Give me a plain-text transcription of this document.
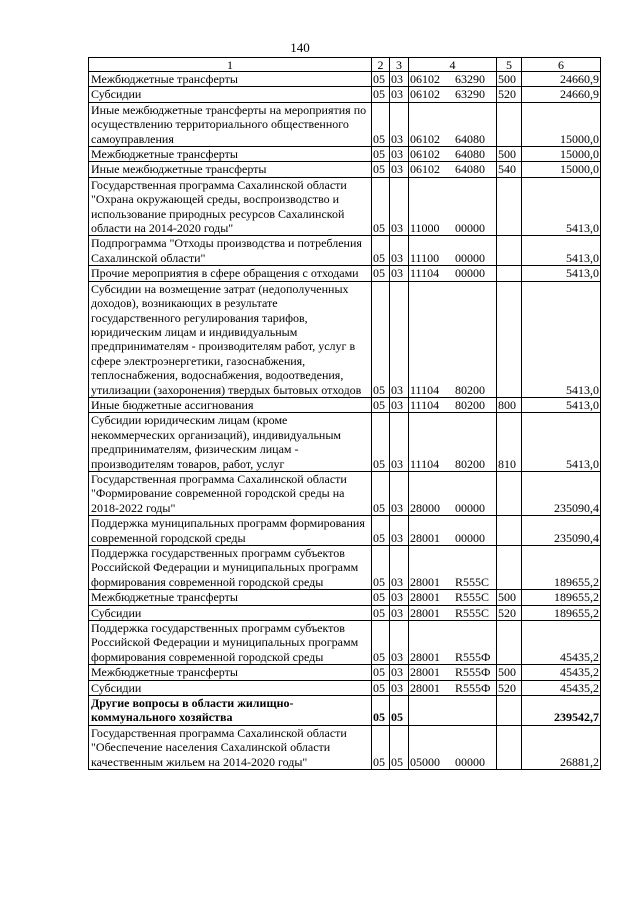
140
1	2	3	4	5	6
Межбюджетные трансферты	05	03	06102 63290	500	24660,9
Субсидии	05	03	06102 63290	520	24660,9
Иные межбюджетные трансферты на мероприятия по осуществлению территориального общественного самоуправления	05	03	06102 64080		15000,0
Межбюджетные трансферты	05	03	06102 64080	500	15000,0
Иные межбюджетные трансферты	05	03	06102 64080	540	15000,0
Государственная программа Сахалинской области "Охрана окружающей среды, воспроизводство и использование природных ресурсов Сахалинской области на 2014-2020 годы"	05	03	11000 00000		5413,0
Подпрограмма "Отходы производства и потребления Сахалинской области"	05	03	11100 00000		5413,0
Прочие мероприятия в сфере обращения с отходами	05	03	11104 00000		5413,0
Субсидии на возмещение затрат (недополученных доходов), возникающих в результате государственного регулирования тарифов, юридическим лицам и индивидуальным предпринимателям - производителям работ, услуг в сфере электроэнергетики, газоснабжения, теплоснабжения, водоснабжения, водоотведения, утилизации (захоронения) твердых бытовых отходов	05	03	11104 80200		5413,0
Иные бюджетные ассигнования	05	03	11104 80200	800	5413,0
Субсидии юридическим лицам (кроме некоммерческих организаций), индивидуальным предпринимателям, физическим лицам - производителям товаров, работ, услуг	05	03	11104 80200	810	5413,0
Государственная программа Сахалинской области "Формирование современной городской среды на 2018-2022 годы"	05	03	28000 00000		235090,4
Поддержка муниципальных программ формирования современной городской среды	05	03	28001 00000		235090,4
Поддержка государственных программ субъектов Российской Федерации и муниципальных программ формирования современной городской среды	05	03	28001 R555C		189655,2
Межбюджетные трансферты	05	03	28001 R555C	500	189655,2
Субсидии	05	03	28001 R555C	520	189655,2
Поддержка государственных программ субъектов Российской Федерации и муниципальных программ формирования современной городской среды	05	03	28001 R555Ф		45435,2
Межбюджетные трансферты	05	03	28001 R555Ф	500	45435,2
Субсидии	05	03	28001 R555Ф	520	45435,2
Другие вопросы в области жилищно-коммунального хозяйства	05	05			239542,7
Государственная программа Сахалинской области "Обеспечение населения Сахалинской области качественным жильем на 2014-2020 годы"	05	05	05000 00000		26881,2
